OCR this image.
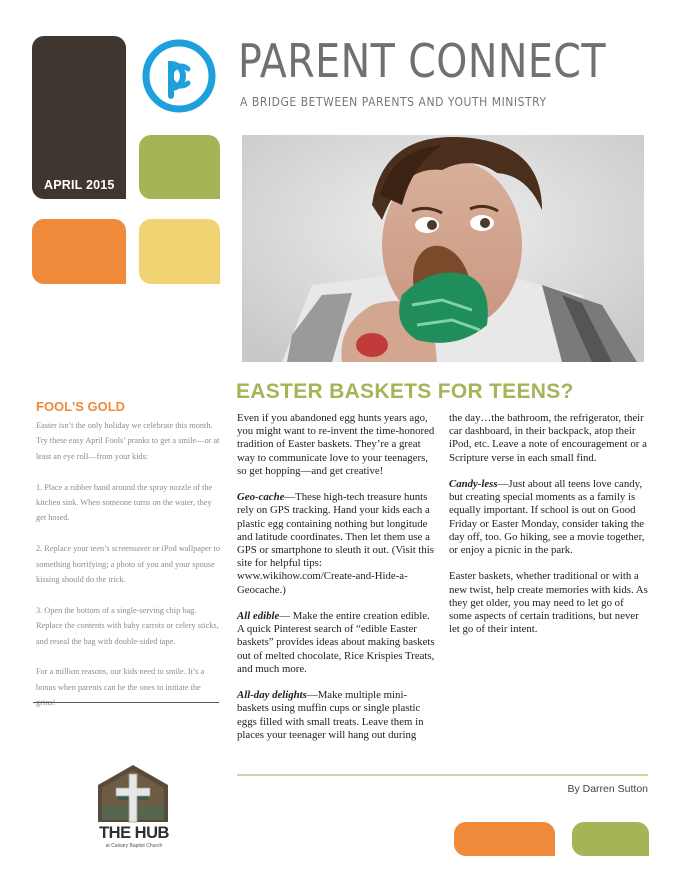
APRIL 2015
PARENT CONNECT
A BRIDGE BETWEEN PARENTS AND YOUTH MINISTRY
FOOL'S GOLD

Easter isn’t the only holiday we celebrate this month. Try these easy April Fools’ pranks to get a smile—or at least an eye roll—from your kids:

1. Place a rubber band around the spray nozzle of the kitchen sink. When someone turns on the water, they get hosed.

2. Replace your teen’s screensaver or iPod wallpaper to something horrifying; a photo of you and your spouse kissing should do the trick.

3. Open the bottom of a single-serving chip bag. Replace the contents with baby carrots or celery sticks, and reseal the bag with double-sided tape.

For a million reasons, our kids need to smile. It’s a bonus when parents can be the ones to initiate the

EASTER BASKETS FOR TEENS?

Even if you abandoned egg hunts years ago, you might want to re-invent the time-honored tradition of Easter baskets. They’re a great way to communicate love to your teenagers, so get hopping—and get creative!

Geo-cache—These high-tech treasure hunts rely on GPS tracking. Hand your kids each a plastic egg containing nothing but longitude and latitude coordinates. Then let them use a GPS or smartphone to sleuth it out. (Visit this site for helpful tips: www.wikihow.com/Create-and-Hide-a-Geocache.)

All edible— Make the entire creation edible. A quick Pinterest search of “edible Easter baskets” provides ideas about making baskets out of melted chocolate, Rice Krispies Treats, and much more.

All-day delights—Make multiple mini-baskets using muffin cups or single plastic eggs filled with small treats. Leave them in places your teenager will hang out during

the day…the bathroom, the refrigerator, their car dashboard, in their backpack, atop their iPod, etc. Leave a note of encouragement or a Scripture verse in each small find.

Candy-less—Just about all teens love candy, but creating special moments as a family is equally important. If school is out on Good Friday or Easter Monday, consider taking the day off, too. Go hiking, see a movie together, or enjoy a picnic in the park.

Easter baskets, whether traditional or with a new twist, help create memories with kids. As they get older, you may need to let go of some aspects of certain traditions, but never let go of their intent.

By Darren Sutton
THE HUB
at Calvary Baptist Church
